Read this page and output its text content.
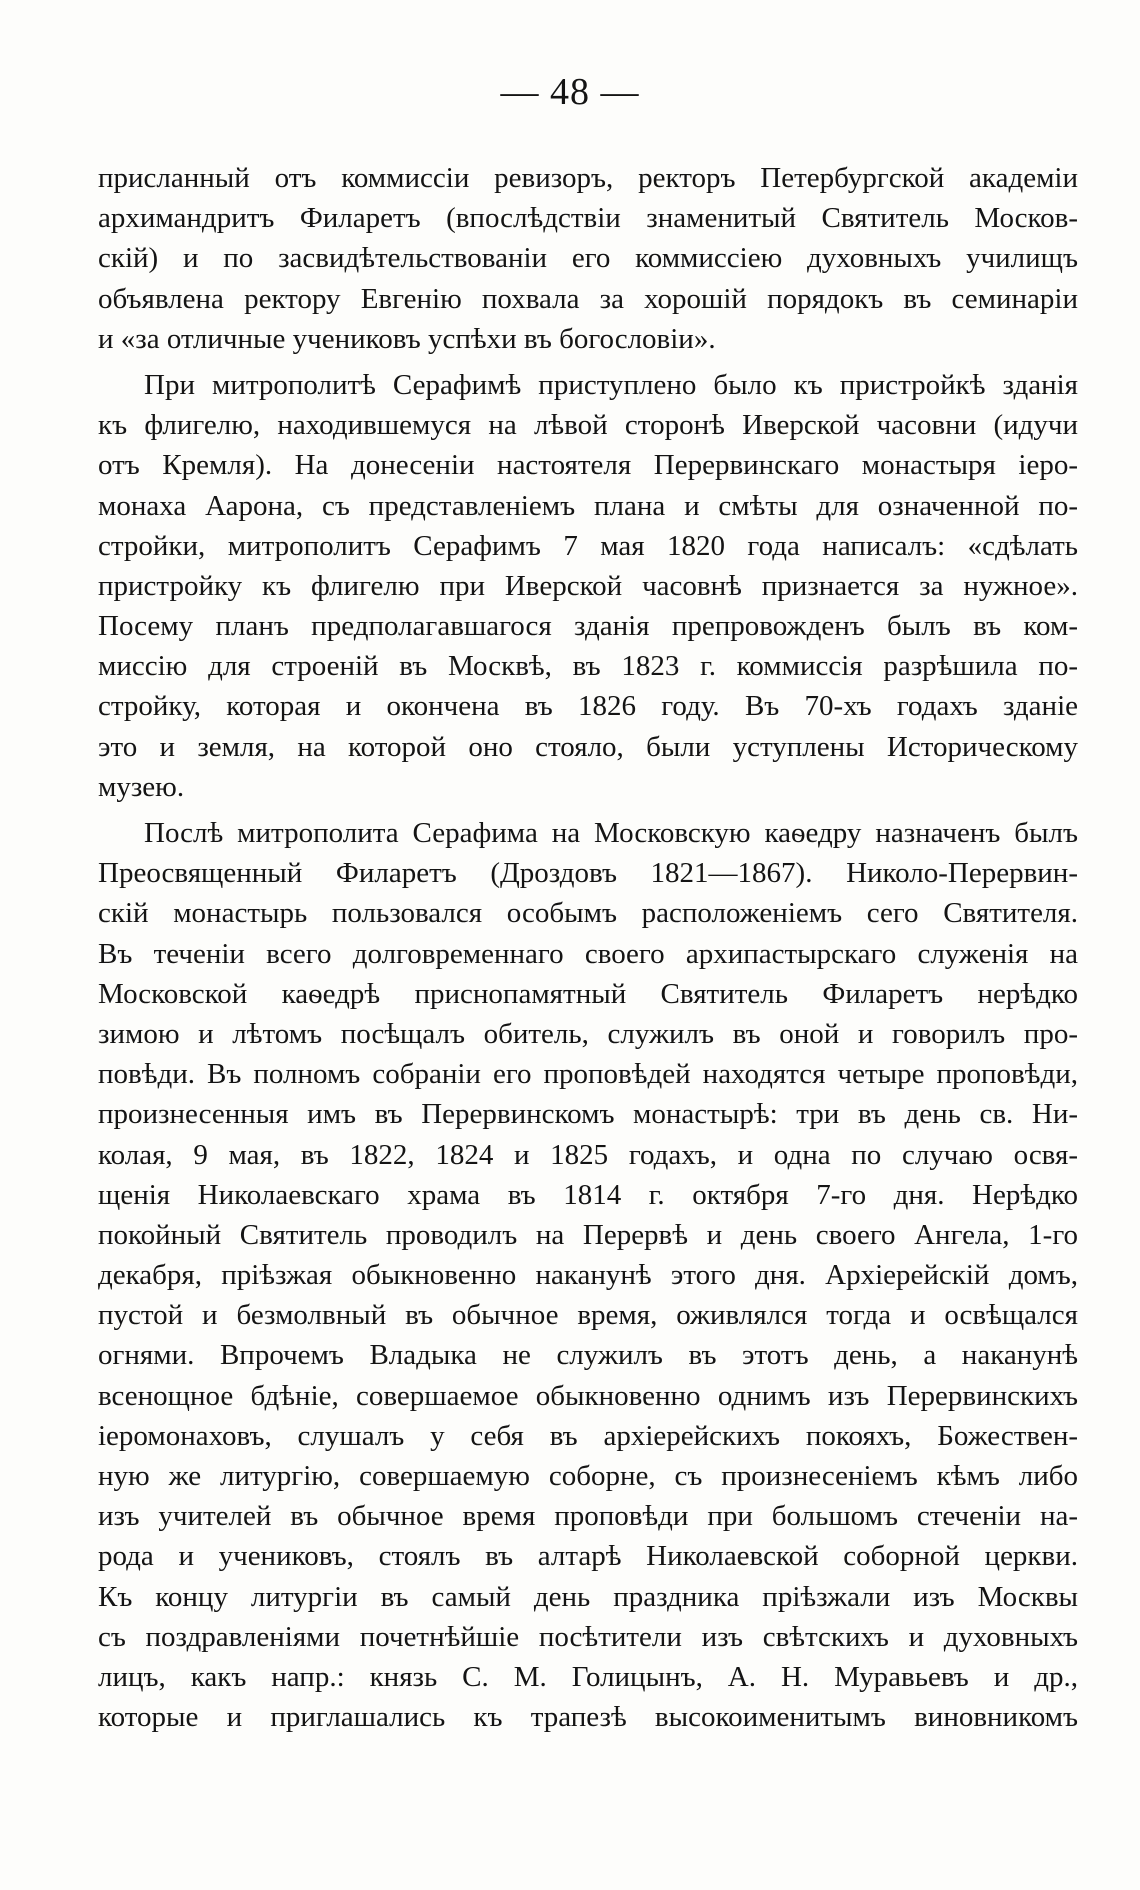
— 48 —
присланный отъ коммиссіи ревизоръ, ректоръ Петербургской академіи
архимандритъ Филаретъ (впослѣдствіи знаменитый Святитель Москов-
скій) и по засвидѣтельствованіи его коммиссіею духовныхъ училищъ
объявлена ректору Евгенію похвала за хорошій порядокъ въ семинаріи
и «за отличные учениковъ успѣхи въ богословіи».
При митрополитѣ Серафимѣ приступлено было къ пристройкѣ зданія
къ флигелю, находившемуся на лѣвой сторонѣ Иверской часовни (идучи
отъ Кремля). На донесеніи настоятеля Перервинскаго монастыря іеро-
монаха Аарона, съ представленіемъ плана и смѣты для означенной по-
стройки, митрополитъ Серафимъ 7 мая 1820 года написалъ: «сдѣлать
пристройку къ флигелю при Иверской часовнѣ признается за нужное».
Посему планъ предполагавшагося зданія препровожденъ былъ въ ком-
миссію для строеній въ Москвѣ, въ 1823 г. коммиссія разрѣшила по-
стройку, которая и окончена въ 1826 году. Въ 70-хъ годахъ зданіе
это и земля, на которой оно стояло, были уступлены Историческому
музею.
Послѣ митрополита Серафима на Московскую каѳедру назначенъ былъ
Преосвященный Филаретъ (Дроздовъ 1821—1867). Николо-Перервин-
скій монастырь пользовался особымъ расположеніемъ сего Святителя.
Въ теченіи всего долговременнаго своего архипастырскаго служенія на
Московской каѳедрѣ приснопамятный Святитель Филаретъ нерѣдко
зимою и лѣтомъ посѣщалъ обитель, служилъ въ оной и говорилъ про-
повѣди. Въ полномъ собраніи его проповѣдей находятся четыре проповѣди,
произнесенныя имъ въ Перервинскомъ монастырѣ: три въ день св. Ни-
колая, 9 мая, въ 1822, 1824 и 1825 годахъ, и одна по случаю освя-
щенія Николаевскаго храма въ 1814 г. октября 7-го дня. Нерѣдко
покойный Святитель проводилъ на Перервѣ и день своего Ангела, 1-го
декабря, пріѣзжая обыкновенно наканунѣ этого дня. Архіерейскій домъ,
пустой и безмолвный въ обычное время, оживлялся тогда и освѣщался
огнями. Впрочемъ Владыка не служилъ въ этотъ день, а наканунѣ
всенощное бдѣніе, совершаемое обыкновенно однимъ изъ Перервинскихъ
іеромонаховъ, слушалъ у себя въ архіерейскихъ покояхъ, Божествен-
ную же литургію, совершаемую соборне, съ произнесеніемъ кѣмъ либо
изъ учителей въ обычное время проповѣди при большомъ стеченіи на-
рода и учениковъ, стоялъ въ алтарѣ Николаевской соборной церкви.
Къ концу литургіи въ самый день праздника пріѣзжали изъ Москвы
съ поздравленіями почетнѣйшіе посѣтители изъ свѣтскихъ и духовныхъ
лицъ, какъ напр.: князь С. М. Голицынъ, А. Н. Муравьевъ и др.,
которые и приглашались къ трапезѣ высокоименитымъ виновникомъ
